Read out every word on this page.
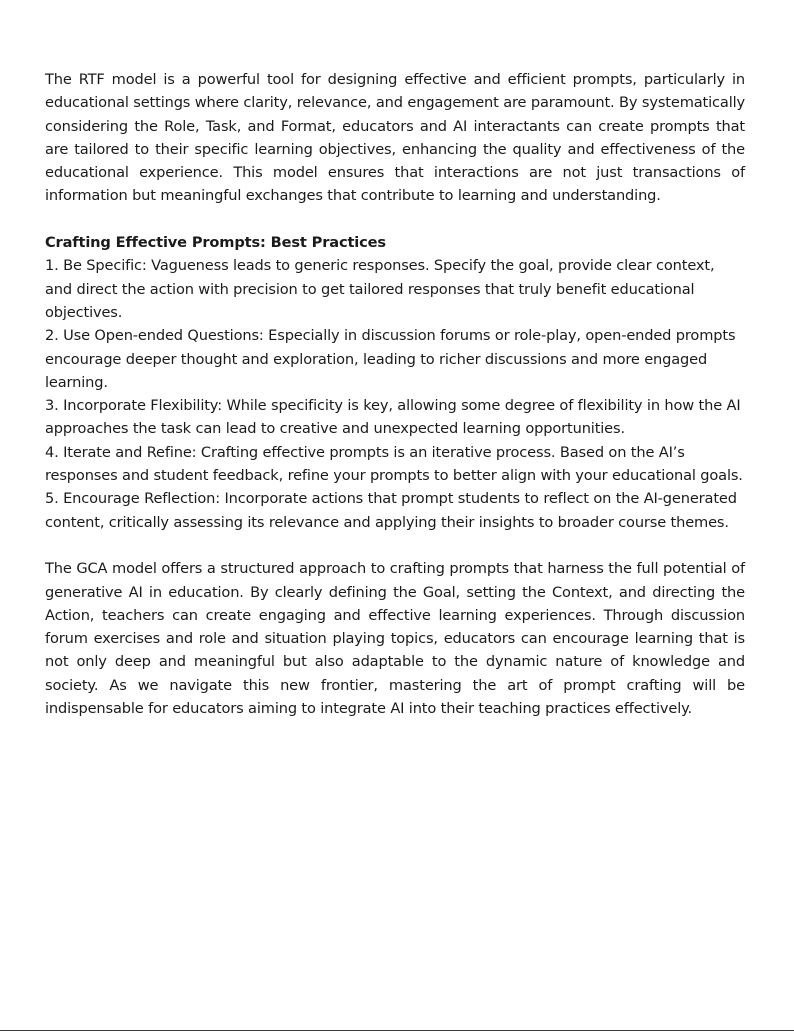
The RTF model is a powerful tool for designing effective and efficient prompts, particularly in educational settings where clarity, relevance, and engagement are paramount. By systematically considering the Role, Task, and Format, educators and AI interactants can create prompts that are tailored to their specific learning objectives, enhancing the quality and effectiveness of the educational experience. This model ensures that interactions are not just transactions of information but meaningful exchanges that contribute to learning and understanding.

Crafting Effective Prompts: Best Practices

1. Be Specific: Vagueness leads to generic responses. Specify the goal, provide clear context, and direct the action with precision to get tailored responses that truly benefit educational objectives.
2. Use Open-ended Questions: Especially in discussion forums or role-play, open-ended prompts encourage deeper thought and exploration, leading to richer discussions and more engaged learning.
3. Incorporate Flexibility: While specificity is key, allowing some degree of flexibility in how the AI approaches the task can lead to creative and unexpected learning opportunities.
4. Iterate and Refine: Crafting effective prompts is an iterative process. Based on the AI’s responses and student feedback, refine your prompts to better align with your educational goals.
5. Encourage Reflection: Incorporate actions that prompt students to reflect on the AI-generated content, critically assessing its relevance and applying their insights to broader course themes.

The GCA model offers a structured approach to crafting prompts that harness the full potential of generative AI in education. By clearly defining the Goal, setting the Context, and directing the Action, teachers can create engaging and effective learning experiences. Through discussion forum exercises and role and situation playing topics, educators can encourage learning that is not only deep and meaningful but also adaptable to the dynamic nature of knowledge and society. As we navigate this new frontier, mastering the art of prompt crafting will be indispensable for educators aiming to integrate AI into their teaching practices effectively.
